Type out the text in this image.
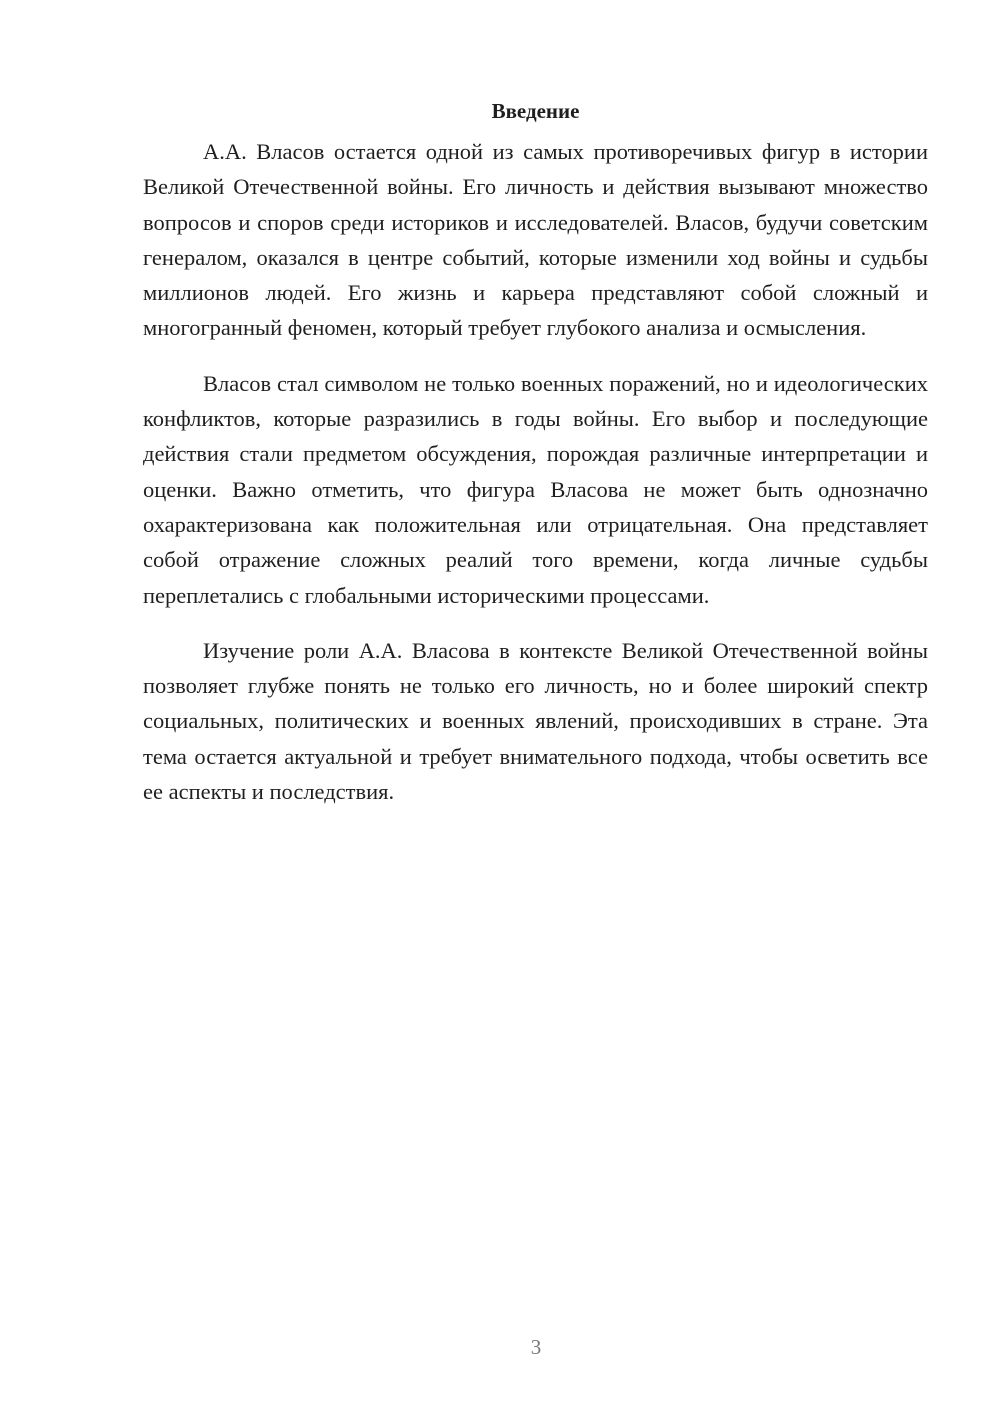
Введение

А.А. Власов остается одной из самых противоречивых фигур в истории Великой Отечественной войны. Его личность и действия вызывают множество вопросов и споров среди историков и исследователей. Власов, будучи советским генералом, оказался в центре событий, которые изменили ход войны и судьбы миллионов людей. Его жизнь и карьера представляют собой сложный и многогранный феномен, который требует глубокого анализа и осмысления.

Власов стал символом не только военных поражений, но и идеологических конфликтов, которые разразились в годы войны. Его выбор и последующие действия стали предметом обсуждения, порождая различные интерпретации и оценки. Важно отметить, что фигура Власова не может быть однозначно охарактеризована как положительная или отрицательная. Она представляет собой отражение сложных реалий того времени, когда личные судьбы переплетались с глобальными историческими процессами.

Изучение роли А.А. Власова в контексте Великой Отечественной войны позволяет глубже понять не только его личность, но и более широкий спектр социальных, политических и военных явлений, происходивших в стране. Эта тема остается актуальной и требует внимательного подхода, чтобы осветить все ее аспекты и последствия.

3
